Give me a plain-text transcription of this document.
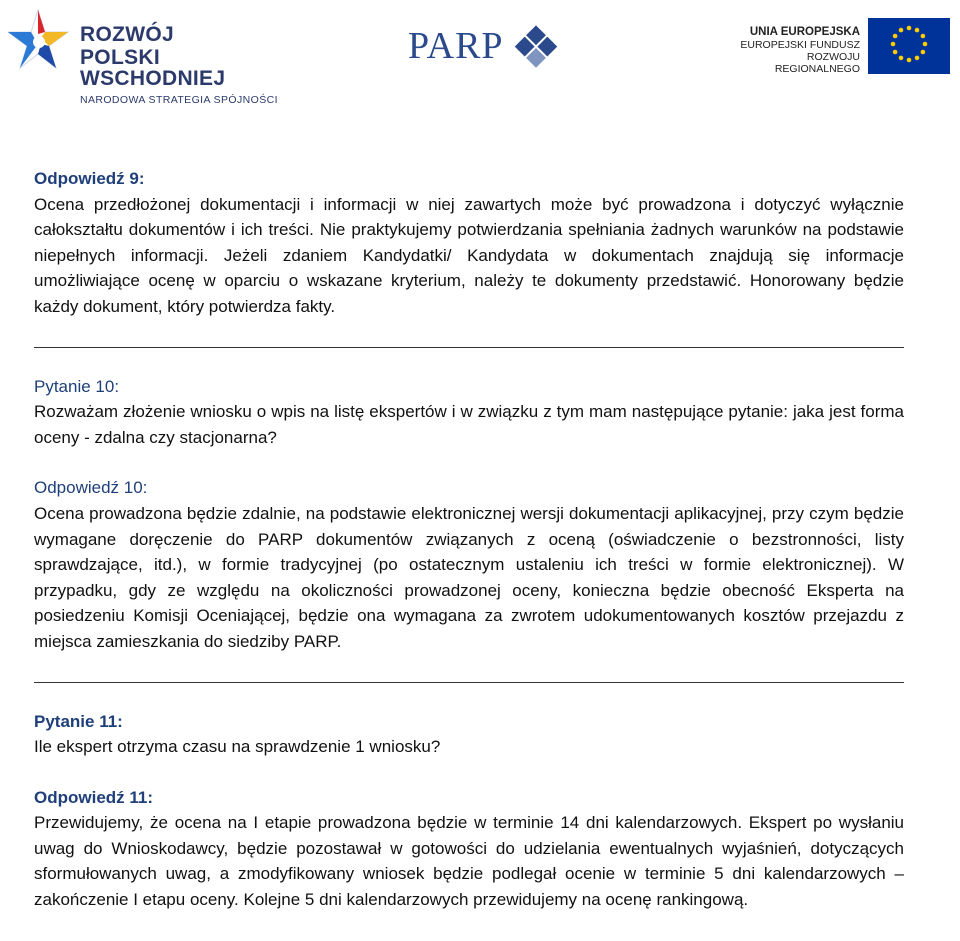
ROZWÓJ
POLSKI WSCHODNIEJ
NARODOWA STRATEGIA SPÓJNOŚCI
PARP	UNIA EUROPEJSKA
EUROPEJSKI FUNDUSZ
ROZWOJU REGIONALNEGO

Odpowiedź 9:

Ocena przedłożonej dokumentacji i informacji w niej zawartych może być prowadzona i dotyczyć wyłącznie całokształtu dokumentów i ich treści. Nie praktykujemy potwierdzania spełniania żadnych warunków na podstawie niepełnych informacji. Jeżeli zdaniem Kandydatki/ Kandydata w dokumentach znajdują się informacje umożliwiające ocenę w oparciu o wskazane kryterium, należy te dokumenty przedstawić. Honorowany będzie każdy dokument, który potwierdza fakty.

Pytanie 10:

Rozważam złożenie wniosku o wpis na listę ekspertów i w związku z tym mam następujące pytanie: jaka jest forma oceny - zdalna czy stacjonarna?

Odpowiedź 10:

Ocena prowadzona będzie zdalnie, na podstawie elektronicznej wersji dokumentacji aplikacyjnej, przy czym będzie wymagane doręczenie do PARP dokumentów związanych z oceną (oświadczenie o bezstronności, listy sprawdzające, itd.), w formie tradycyjnej (po ostatecznym ustaleniu ich treści w formie elektronicznej). W przypadku, gdy ze względu na okoliczności prowadzonej oceny, konieczna będzie obecność Eksperta na posiedzeniu Komisji Oceniającej, będzie ona wymagana za zwrotem udokumentowanych kosztów przejazdu z miejsca zamieszkania do siedziby PARP.

Pytanie 11:

Ile ekspert otrzyma czasu na sprawdzenie 1 wniosku?

Odpowiedź 11:

Przewidujemy, że ocena na I etapie prowadzona będzie w terminie 14 dni kalendarzowych. Ekspert po wysłaniu uwag do Wnioskodawcy, będzie pozostawał w gotowości do udzielania ewentualnych wyjaśnień, dotyczących sformułowanych uwag, a zmodyfikowany wniosek będzie podlegał ocenie w terminie 5 dni kalendarzowych – zakończenie I etapu oceny. Kolejne 5 dni kalendarzowych przewidujemy na ocenę rankingową.
